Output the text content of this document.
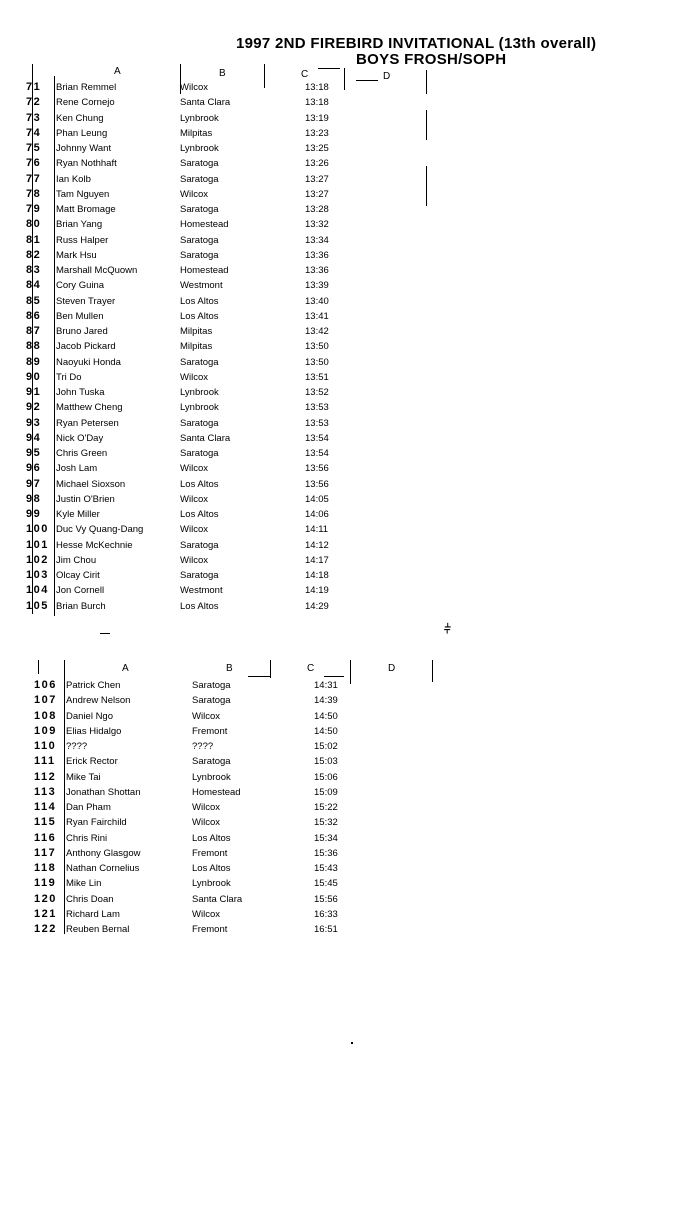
1997 2ND FIREBIRD INVITATIONAL (13th overall)
BOYS FROSH/SOPH
A	B	C	D
71 Brian Remmel	Wilcox	13:18
72 Rene Cornejo	Santa Clara	13:18
73 Ken Chung	Lynbrook	13:19
74 Phan Leung	Milpitas	13:23
75 Johnny Want	Lynbrook	13:25
76 Ryan Nothhaft	Saratoga	13:26
77 Ian Kolb	Saratoga	13:27
78 Tam Nguyen	Wilcox	13:27
79 Matt Bromage	Saratoga	13:28
80 Brian Yang	Homestead	13:32
81 Russ Halper	Saratoga	13:34
82 Mark Hsu	Saratoga	13:36
83 Marshall McQuown	Homestead	13:36
84 Cory Guina	Westmont	13:39
85 Steven Trayer	Los Altos	13:40
86 Ben Mullen	Los Altos	13:41
87 Bruno Jared	Milpitas	13:42
88 Jacob Pickard	Milpitas	13:50
89 Naoyuki Honda	Saratoga	13:50
90 Tri Do	Wilcox	13:51
91 John Tuska	Lynbrook	13:52
92 Matthew Cheng	Lynbrook	13:53
93 Ryan Petersen	Saratoga	13:53
94 Nick O'Day	Santa Clara	13:54
95 Chris Green	Saratoga	13:54
96 Josh Lam	Wilcox	13:56
97 Michael Sioxson	Los Altos	13:56
98 Justin O'Brien	Wilcox	14:05
99 Kyle Miller	Los Altos	14:06
100 Duc Vy Quang-Dang	Wilcox	14:11
101 Hesse McKechnie	Saratoga	14:12
102 Jim Chou	Wilcox	14:17
103 Olcay Cirit	Saratoga	14:18
104 Jon Cornell	Westmont	14:19
105 Brian Burch	Los Altos	14:29
⫩
A	B	C	D
106 Patrick Chen	Saratoga	14:31
107 Andrew Nelson	Saratoga	14:39
108 Daniel Ngo	Wilcox	14:50
109 Elias Hidalgo	Fremont	14:50
110 ????	????	15:02
111 Erick Rector	Saratoga	15:03
112 Mike Tai	Lynbrook	15:06
113 Jonathan Shottan	Homestead	15:09
114 Dan Pham	Wilcox	15:22
115 Ryan Fairchild	Wilcox	15:32
116 Chris Rini	Los Altos	15:34
117 Anthony Glasgow	Fremont	15:36
118 Nathan Cornelius	Los Altos	15:43
119 Mike Lin	Lynbrook	15:45
120 Chris Doan	Santa Clara	15:56
121 Richard Lam	Wilcox	16:33
122 Reuben Bernal	Fremont	16:51
